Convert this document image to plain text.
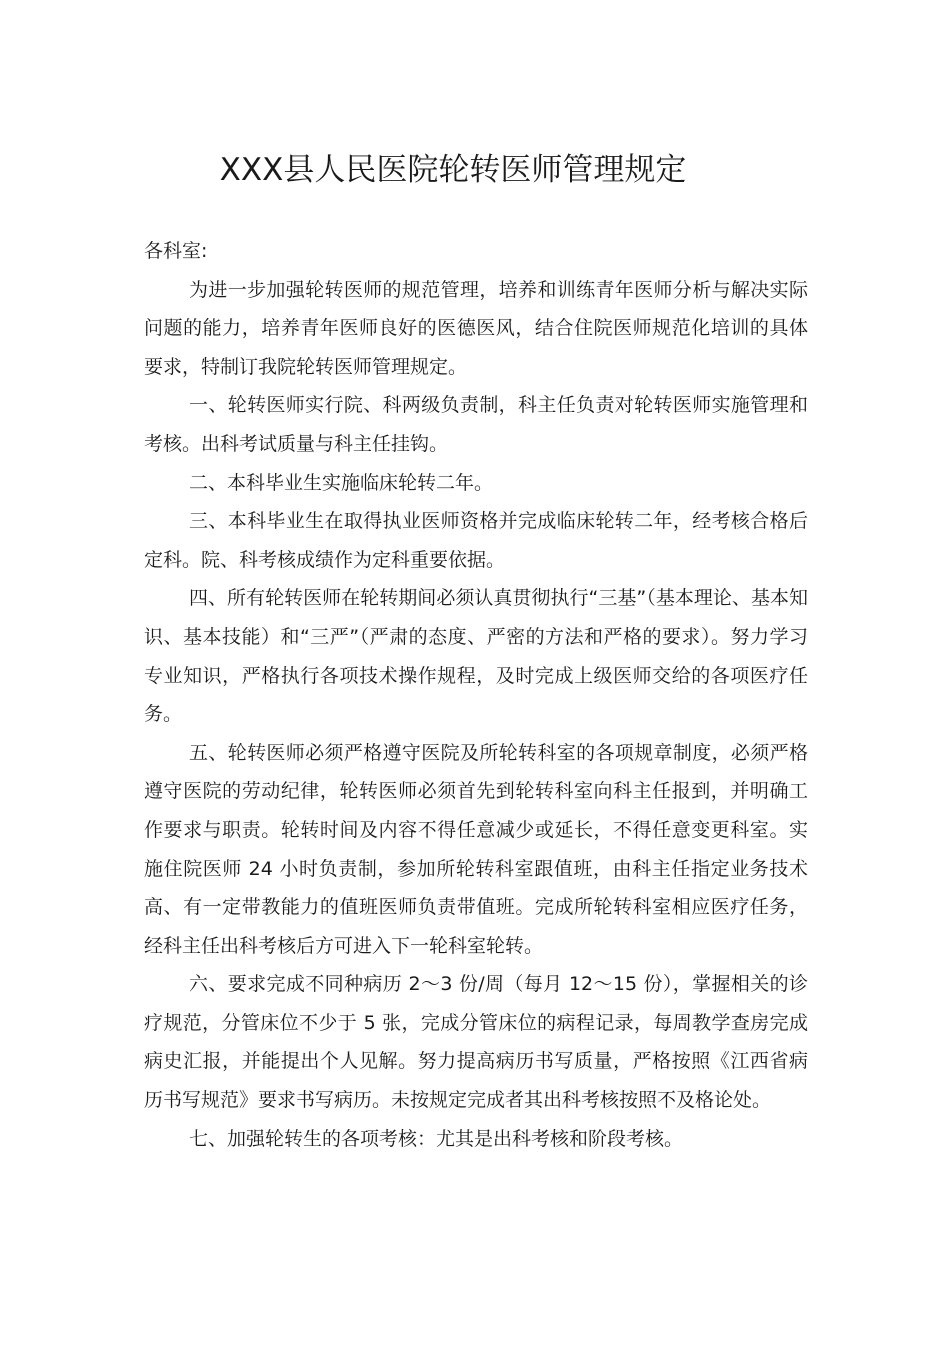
XXX县人民医院轮转医师管理规定

各科室:

为进一步加强轮转医师的规范管理，培养和训练青年医师分析与解决实际问题的能力，培养青年医师良好的医德医风，结合住院医师规范化培训的具体要求，特制订我院轮转医师管理规定。

一、轮转医师实行院、科两级负责制，科主任负责对轮转医师实施管理和考核。出科考试质量与科主任挂钩。

二、本科毕业生实施临床轮转二年。

三、本科毕业生在取得执业医师资格并完成临床轮转二年，经考核合格后定科。院、科考核成绩作为定科重要依据。

四、所有轮转医师在轮转期间必须认真贯彻执行“三基”（基本理论、基本知识、基本技能）和“三严”（严肃的态度、严密的方法和严格的要求）。努力学习专业知识，严格执行各项技术操作规程，及时完成上级医师交给的各项医疗任务。

五、轮转医师必须严格遵守医院及所轮转科室的各项规章制度，必须严格遵守医院的劳动纪律，轮转医师必须首先到轮转科室向科主任报到，并明确工作要求与职责。轮转时间及内容不得任意减少或延长，不得任意变更科室。实施住院医师 24 小时负责制，参加所轮转科室跟值班，由科主任指定业务技术高、有一定带教能力的值班医师负责带值班。完成所轮转科室相应医疗任务，经科主任出科考核后方可进入下一轮科室轮转。

六、要求完成不同种病历 2～3 份/周（每月 12～15 份），掌握相关的诊疗规范，分管床位不少于 5 张，完成分管床位的病程记录，每周教学查房完成病史汇报，并能提出个人见解。努力提高病历书写质量，严格按照《江西省病历书写规范》要求书写病历。未按规定完成者其出科考核按照不及格论处。

七、加强轮转生的各项考核：尤其是出科考核和阶段考核。
